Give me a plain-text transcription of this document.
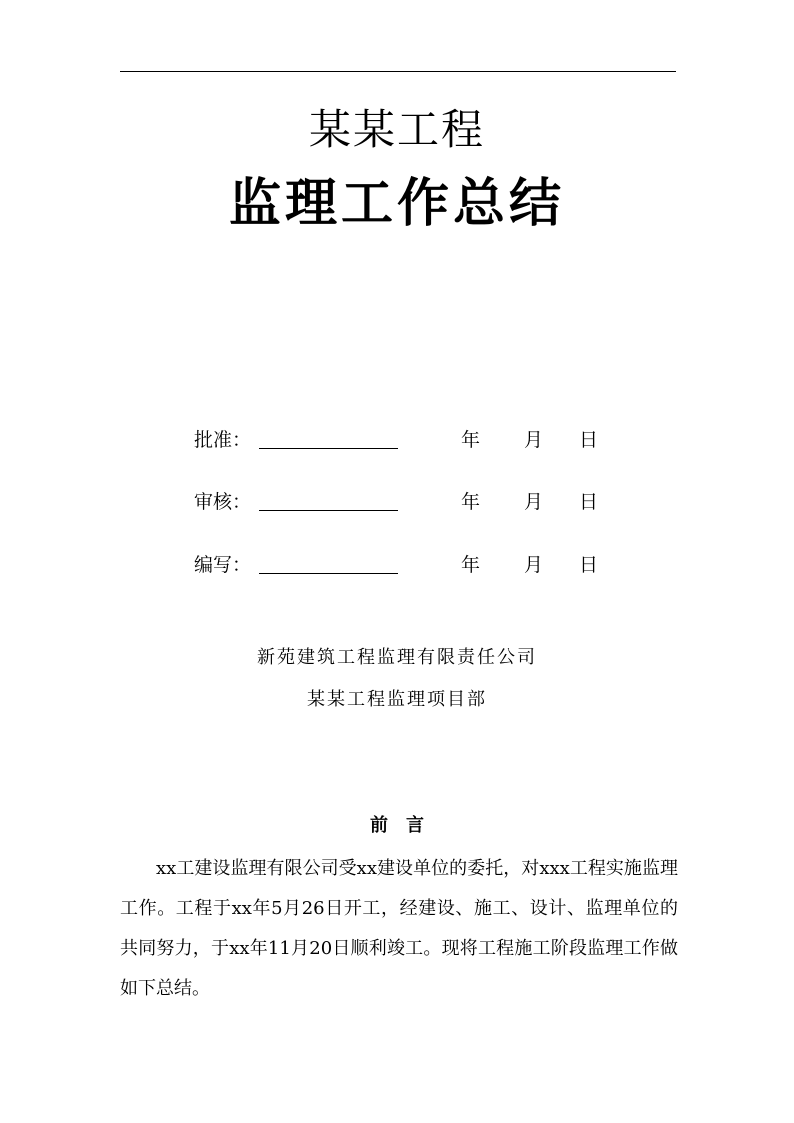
某某工程
监理工作总结
批准：	年 月 日
审核：	年 月 日
编写：	年 月 日
新苑建筑工程监理有限责任公司
某某工程监理项目部
前　言

xx工建设监理有限公司受xx建设单位的委托，对xxx工程实施监理工作。工程于xx年5月26日开工，经建设、施工、设计、监理单位的共同努力，于xx年11月20日顺利竣工。现将工程施工阶段监理工作做如下总结。
